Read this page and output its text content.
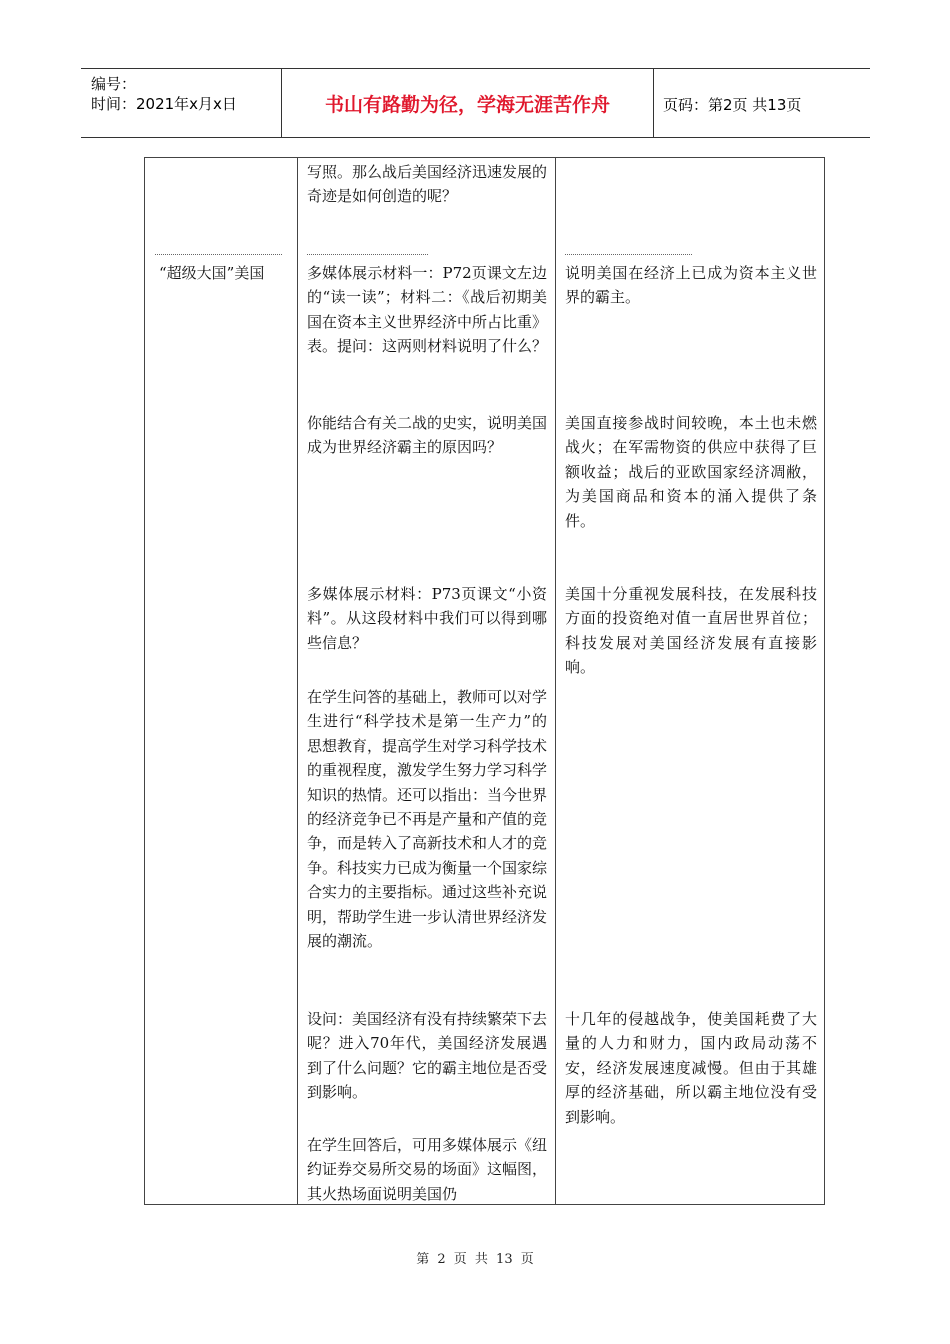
编号：
时间：2021年x月x日	书山有路勤为径，学海无涯苦作舟	页码：第2页 共13页
“超级大国”美国
写照。那么战后美国经济迅速发展的奇迹是如何创造的呢？
多媒体展示材料一：P72页课文左边的“读一读”；材料二：《战后初期美国在资本主义世界经济中所占比重》表。提问：这两则材料说明了什么？
你能结合有关二战的史实，说明美国成为世界经济霸主的原因吗？
多媒体展示材料：P73页课文“小资料”。从这段材料中我们可以得到哪些信息？
在学生问答的基础上，教师可以对学生进行“科学技术是第一生产力”的思想教育，提高学生对学习科学技术的重视程度，激发学生努力学习科学知识的热情。还可以指出：当今世界的经济竞争已不再是产量和产值的竞争，而是转入了高新技术和人才的竞争。科技实力已成为衡量一个国家综合实力的主要指标。通过这些补充说明，帮助学生进一步认清世界经济发展的潮流。
设问：美国经济有没有持续繁荣下去呢？进入70年代，美国经济发展遇到了什么问题？它的霸主地位是否受到影响。
在学生回答后，可用多媒体展示《纽约证券交易所交易的场面》这幅图，其火热场面说明美国仍
说明美国在经济上已成为资本主义世界的霸主。
美国直接参战时间较晚，本土也未燃战火；在军需物资的供应中获得了巨额收益；战后的亚欧国家经济凋敝，为美国商品和资本的涌入提供了条件。
美国十分重视发展科技，在发展科技方面的投资绝对值一直居世界首位；科技发展对美国经济发展有直接影响。
十几年的侵越战争，使美国耗费了大量的人力和财力，国内政局动荡不安，经济发展速度减慢。但由于其雄厚的经济基础，所以霸主地位没有受到影响。
第 2 页 共 13 页
